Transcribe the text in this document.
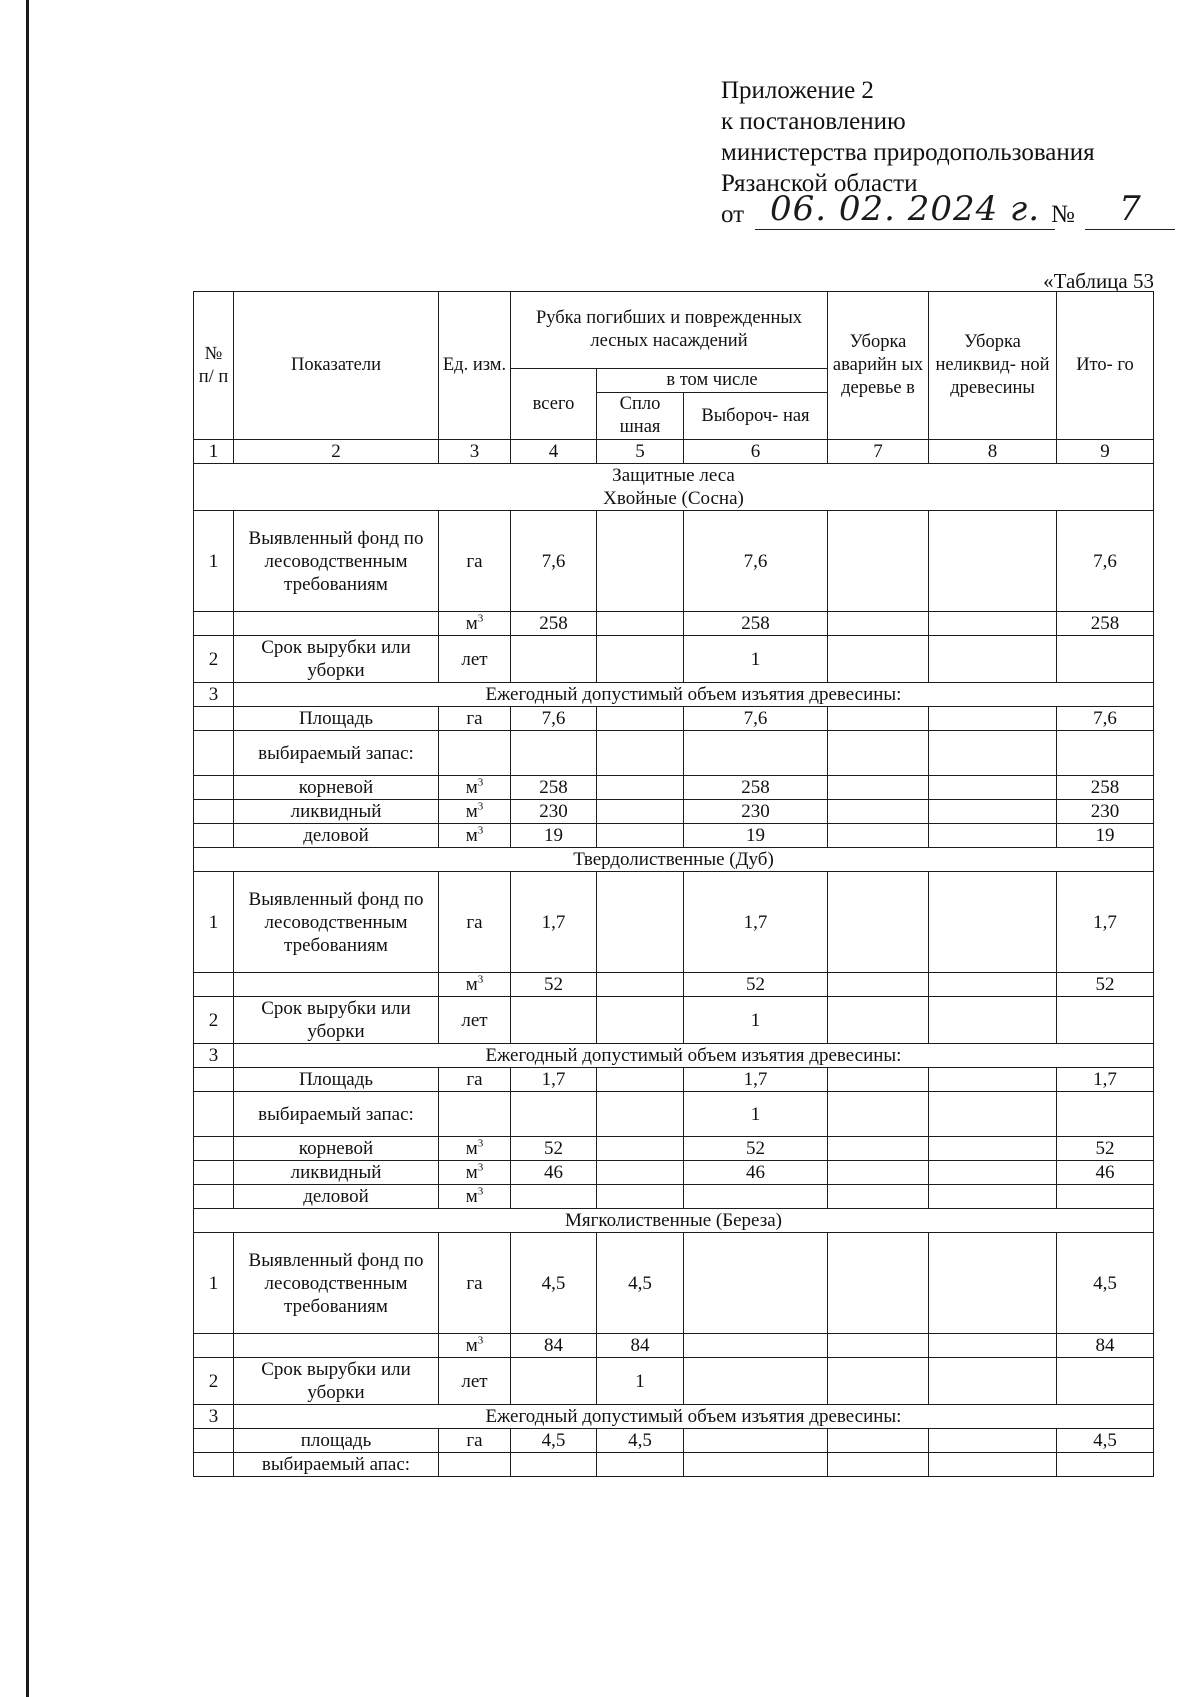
Приложение 2
к постановлению
министерства природопользования
Рязанской области
от 06. 02. 2024 г. №	7
«Таблица 53
№ п/ п	Показатели	Ед. изм.	Рубка погибших и поврежденных лесных насаждений			Уборка аварийн ых деревье в	Уборка неликвид- ной древесины	Ито- го
			всего	в том числе				
				Спло шная	Выбороч- ная			
1	2	3	4	5	6	7	8	9

Защитные леса
Хвойные (Сосна)								

1	Выявленный фонд по лесоводственным требованиям	га	7,6		7,6			7,6
		$м^3$	258		258			258
2	Срок вырубки или уборки	лет			1			
3	Ежегодный допустимый объем изъятия древесины:							
	Площадь	га	7,6		7,6			7,6
	выбираемый запас:							
	корневой	$м^3$	258		258			258
	ликвидный	$м^3$	230		230			230
	деловой	$м^3$	19		19			19
Твердолиственные (Дуб)								
1	Выявленный фонд по лесоводственным требованиям	га	1,7		1,7			1,7
		$м^3$	52		52			52
2	Срок вырубки или уборки	лет			1			
3	Ежегодный допустимый объем изъятия древесины:							
	Площадь	га	1,7		1,7			1,7
	выбираемый запас:				1			
	корневой	$м^3$	52		52			52
	ликвидный	$м^3$	46		46			46
	деловой	$м^3$						
Мягколиственные (Береза)								
1	Выявленный фонд по лесоводственным требованиям	га	4,5	4,5				4,5
		$м^3$	84	84				84
2	Срок вырубки или уборки	лет		1				
3	Ежегодный допустимый объем изъятия древесины:							
	площадь	га	4,5	4,5				4,5
	выбираемый апас:							
